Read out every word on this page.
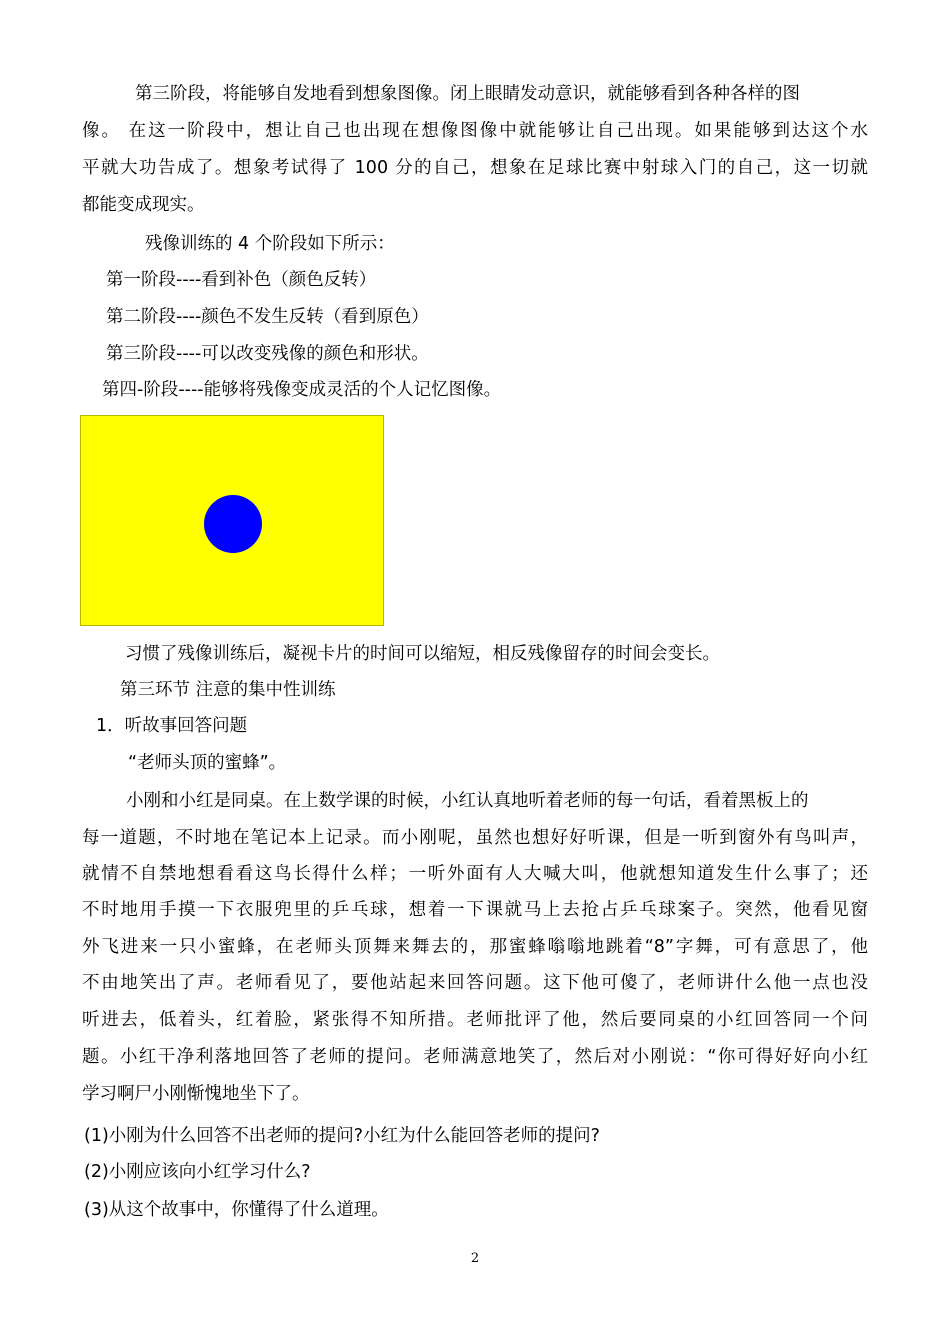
第三阶段，将能够自发地看到想象图像。闭上眼睛发动意识，就能够看到各种各样的图
像。 在这一阶段中，想让自己也出现在想像图像中就能够让自己出现。如果能够到达这个水
平就大功告成了。想象考试得了 100 分的自己，想象在足球比赛中射球入门的自己，这一切就
都能变成现实。
残像训练的 4 个阶段如下所示：
第一阶段----看到补色（颜色反转）
第二阶段----颜色不发生反转（看到原色）
第三阶段----可以改变残像的颜色和形状。
第四-阶段----能够将残像变成灵活的个人记忆图像。
习惯了残像训练后，凝视卡片的时间可以缩短，相反残像留存的时间会变长。
第三环节 注意的集中性训练
1．听故事回答问题
“老师头顶的蜜蜂”。
小刚和小红是同桌。在上数学课的时候，小红认真地听着老师的每一句话，看着黑板上的
每一道题，不时地在笔记本上记录。而小刚呢，虽然也想好好听课，但是一听到窗外有鸟叫声，
就情不自禁地想看看这鸟长得什么样；一听外面有人大喊大叫，他就想知道发生什么事了；还
不时地用手摸一下衣服兜里的乒乓球，想着一下课就马上去抢占乒乓球案子。突然，他看见窗
外飞进来一只小蜜蜂，在老师头顶舞来舞去的，那蜜蜂嗡嗡地跳着“8”字舞，可有意思了，他
不由地笑出了声。老师看见了，要他站起来回答问题。这下他可傻了，老师讲什么他一点也没
听进去，低着头，红着脸，紧张得不知所措。老师批评了他，然后要同桌的小红回答同一个问
题。小红干净利落地回答了老师的提问。老师满意地笑了，然后对小刚说：“你可得好好向小红
学习啊尸小刚惭愧地坐下了。
(1)小刚为什么回答不出老师的提问?小红为什么能回答老师的提问?
(2)小刚应该向小红学习什么?
(3)从这个故事中，你懂得了什么道理。
2
